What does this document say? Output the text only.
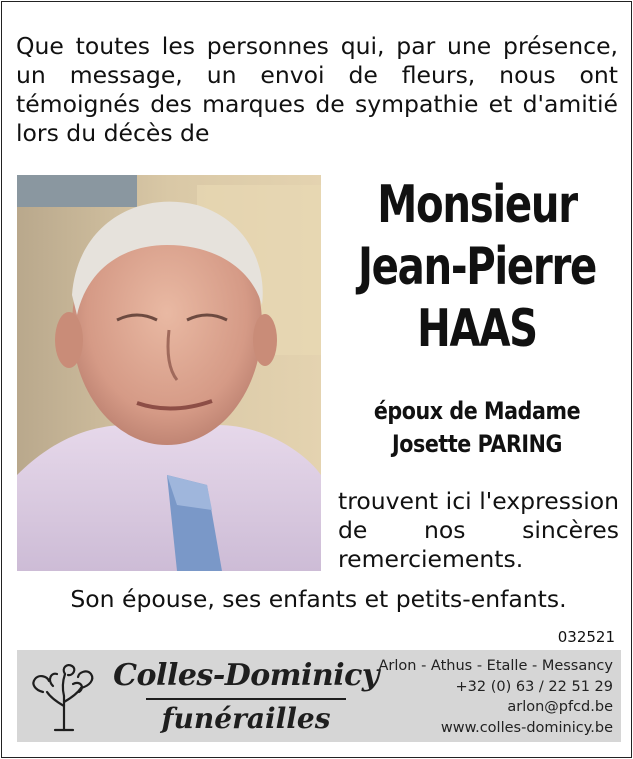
Que toutes les personnes qui, par une présence, un message, un envoi de fleurs, nous ont témoignés des marques de sympathie et d'amitié lors du décès de

Monsieur
Jean-Pierre
HAAS
époux de Madame
Josette PARING

trouvent ici l'expression de nos sincères remerciements.

Son épouse, ses enfants et petits-enfants.
032521
Colles-Dominicy
funérailles
Arlon - Athus - Etalle - Messancy
+32 (0) 63 / 22 51 29
arlon@pfcd.be
www.colles-dominicy.be
